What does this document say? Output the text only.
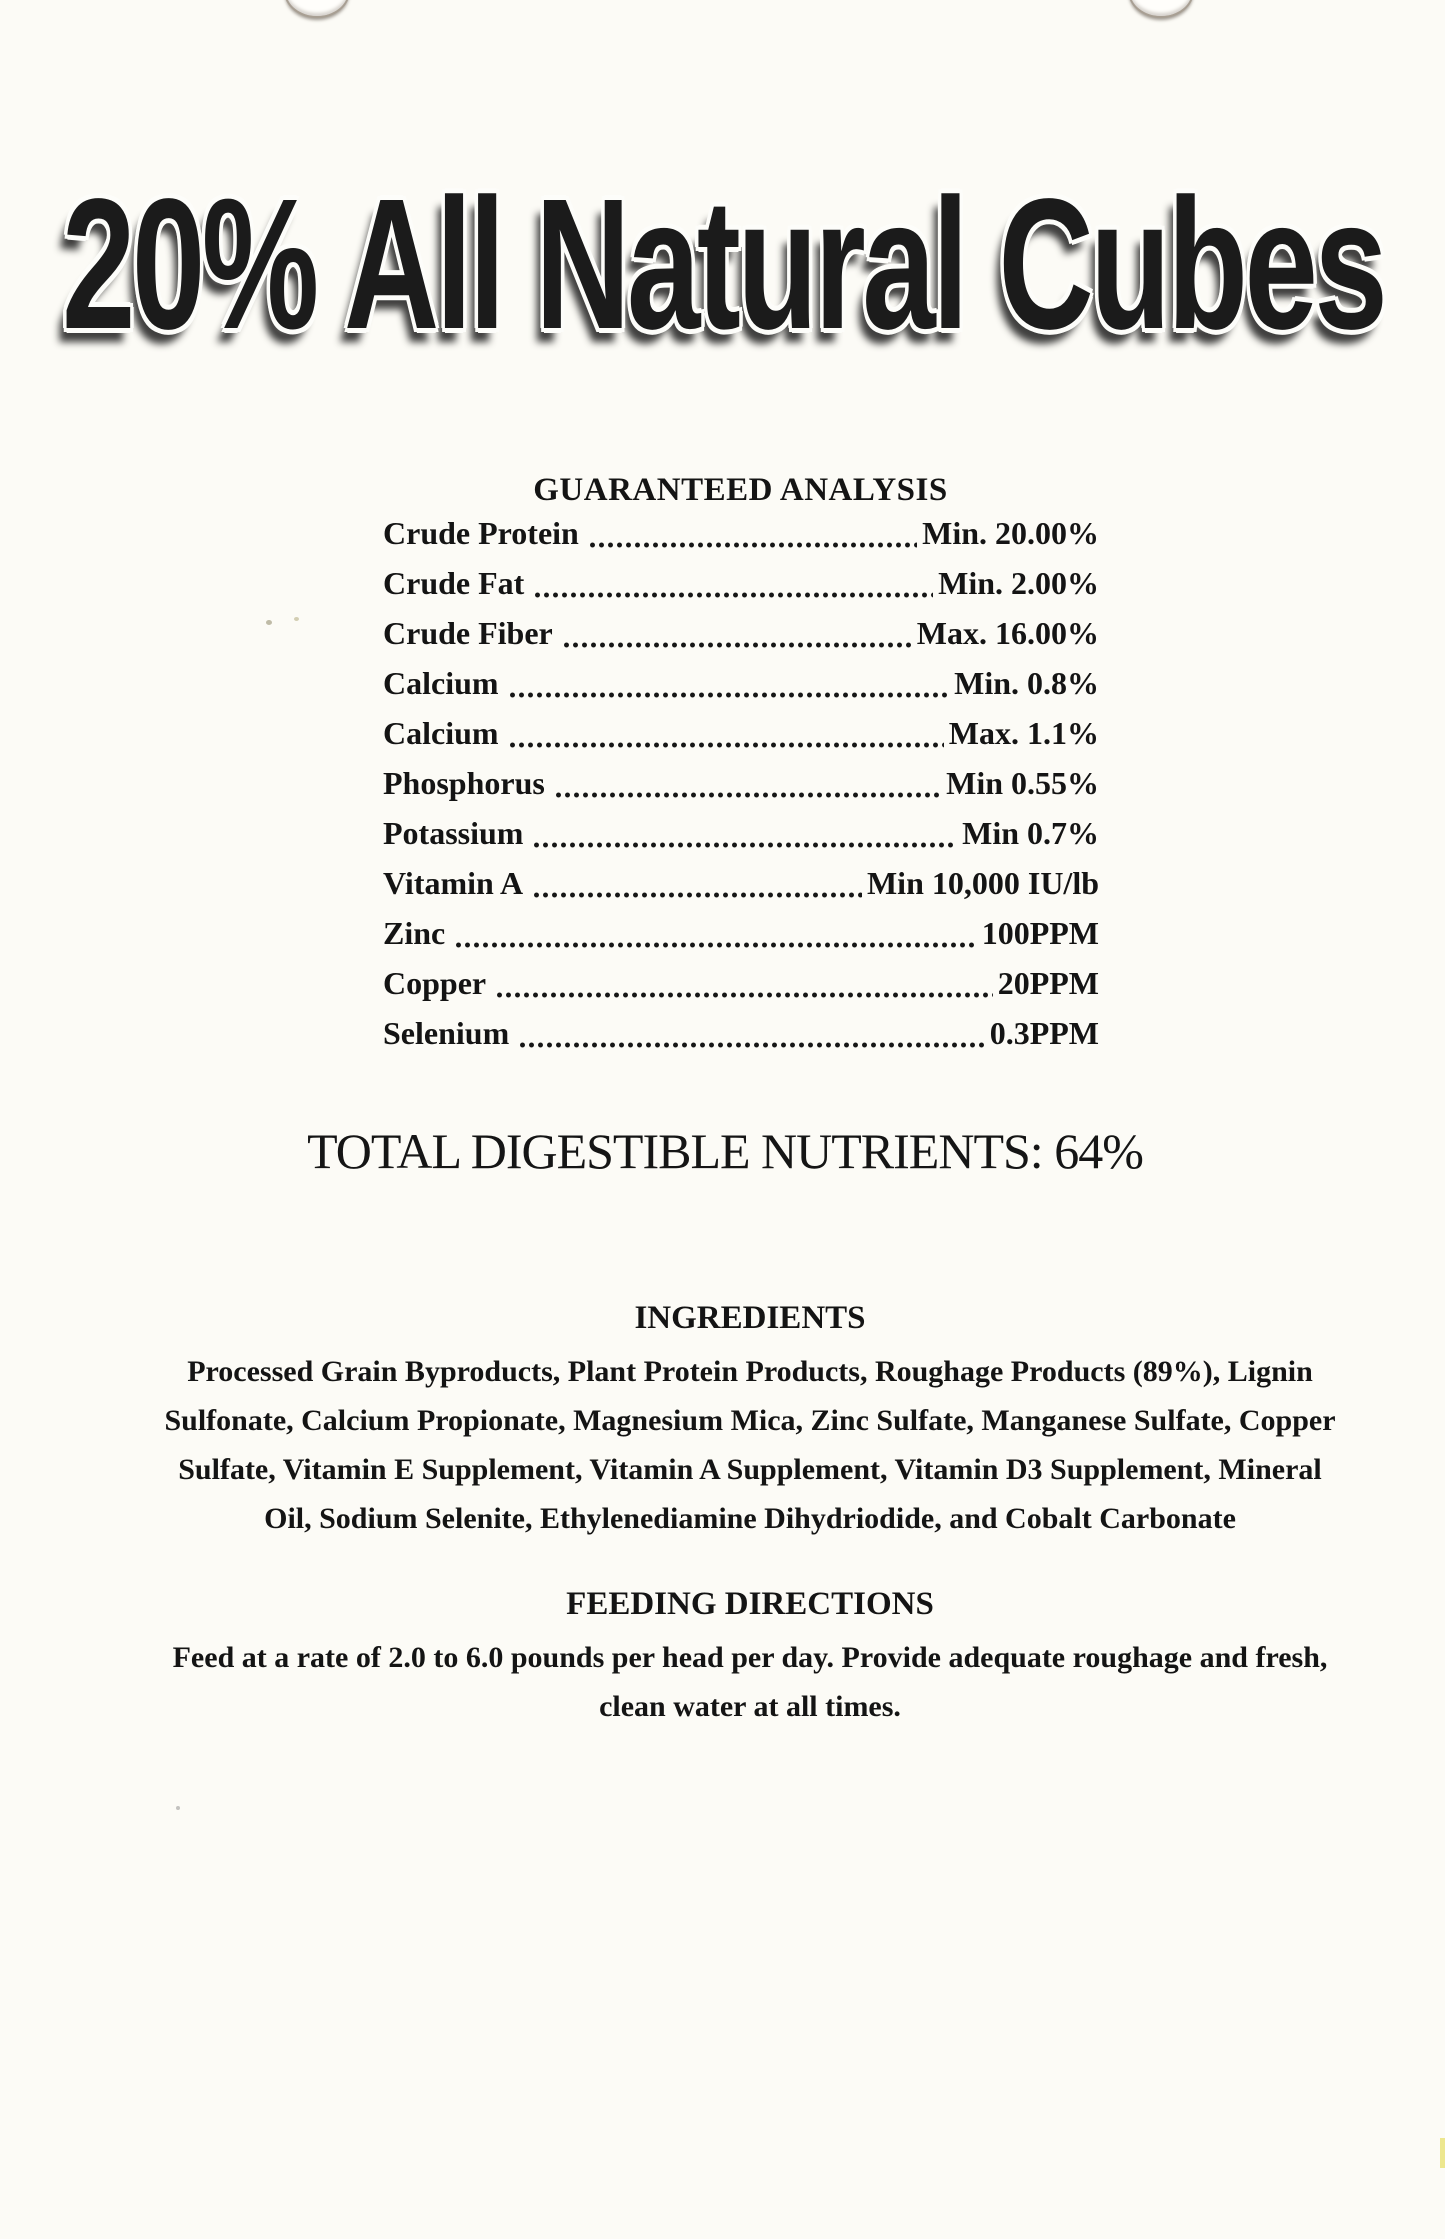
20% All Natural Cubes
GUARANTEED ANALYSIS
Crude Protein	Min. 20.00%
Crude Fat	Min. 2.00%
Crude Fiber	Max. 16.00%
Calcium	Min. 0.8%
Calcium	Max. 1.1%
Phosphorus	Min 0.55%
Potassium	Min 0.7%
Vitamin A	Min 10,000 IU/lb
Zinc	100PPM
Copper	20PPM
Selenium	0.3PPM
TOTAL DIGESTIBLE NUTRIENTS: 64%
INGREDIENTS
Processed Grain Byproducts, Plant Protein Products, Roughage Products (89%), Lignin
Sulfonate, Calcium Propionate, Magnesium Mica, Zinc Sulfate, Manganese Sulfate, Copper
Sulfate, Vitamin E Supplement, Vitamin A Supplement, Vitamin D3 Supplement, Mineral
Oil, Sodium Selenite, Ethylenediamine Dihydriodide, and Cobalt Carbonate
FEEDING DIRECTIONS
Feed at a rate of 2.0 to 6.0 pounds per head per day. Provide adequate roughage and fresh,
clean water at all times.
